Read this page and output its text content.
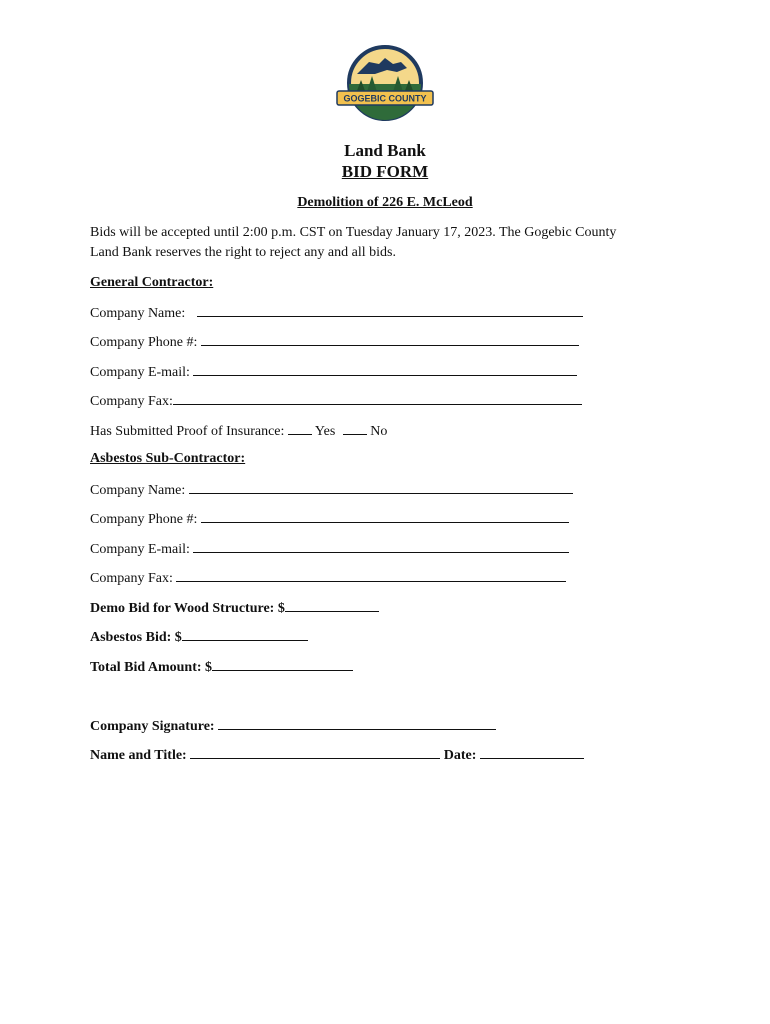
GOGEBIC COUNTY
Land Bank
BID FORM
Demolition of 226 E. McLeod
Bids will be accepted until 2:00 p.m. CST on Tuesday January 17, 2023. The Gogebic County
Land Bank reserves the right to reject any and all bids.
General Contractor:
Company Name:
Company Phone #:
Company E-mail:
Company Fax:
Has Submitted Proof of Insurance: Yes	No
Asbestos Sub-Contractor:
Company Name:
Company Phone #:
Company E-mail:
Company Fax:
Demo Bid for Wood Structure: $
Asbestos Bid: $
Total Bid Amount: $
Company Signature:
Name and Title:	Date:
